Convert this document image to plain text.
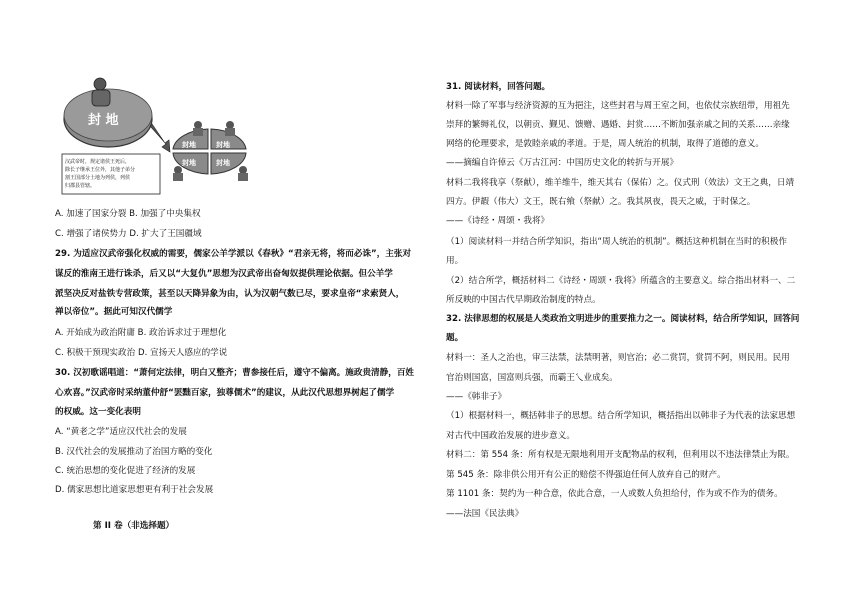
封 地
封地	封地
封地	封地
汉武帝时，规定诸侯王死后，
除长子继承王位外，其他子弟分
割王国部分土地为列侯，列侯
归郡县管辖。
A. 加速了国家分裂 B. 加强了中央集权
C. 增强了诸侯势力 D. 扩大了王国疆域
29. 为适应汉武帝强化权威的需要，儒家公羊学派以《春秋》“君亲无将，将而必诛”，主张对
谋反的淮南王进行诛杀，后又以“大复仇”思想为汉武帝出奋匈奴提供理论依据。但公羊学
派坚决反对盐铁专营政策，甚至以天降异象为由，认为汉朝气数已尽，要求皇帝“求索贤人，
禅以帝位”。据此可知汉代儒学
A. 开始成为政治附庸 B. 政治诉求过于理想化
C. 积极干预现实政治 D. 宣扬天人感应的学说
30. 汉初歌谣唱道：“萧何定法律，明白又整齐；曹参接任后，遵守不偏离。施政贵清静，百姓
心欢喜。”汉武帝时采纳董仲舒“罢黜百家，独尊儒术”的建议，从此汉代思想界树起了儒学
的权威。这一变化表明
A. “黄老之学”适应汉代社会的发展
B. 汉代社会的发展推动了治国方略的变化
C. 统治思想的变化促进了经济的发展
D. 儒家思想比道家思想更有利于社会发展
第 II 卷（非选择题）
31. 阅读材料，回答问题。
材料一除了军事与经济资源的互为挹注，这些封君与周王室之间，也依仗宗族纽带，用祖先
崇拜的繁缛礼仪，以朝贡、觐见、馈赠、遇婚、封赏……不断加强亲戚之间的关系……亲缘
网络的伦理要求，是敦睦亲戚的孝道。于是，周人统治的机制，取得了道德的意义。
——摘编自许倬云《万古江河：中国历史文化的转折与开展》
材料二我将我享（祭献），维羊维牛，维天其右（保佑）之。仪式刑（效法）文王之典，日靖
四方。伊嘏（伟大）文王，既右飨（祭献）之。我其夙夜，畏天之威，于时保之。
——《诗经・周颂・我将》
（1）阅读材料一并结合所学知识，指出“周人统治的机制”。概括这种机制在当时的积极作
用。
（2）结合所学，概括材料二《诗经・周颂・我将》所蕴含的主要意义。综合指出材料一、二
所反映的中国古代早期政治制度的特点。
32. 法律思想的权展是人类政治文明进步的重要推力之一。阅读材料，结合所学知识，回答问
题。
材料一：圣人之治也，审三法禁，法禁明著，则官治；必二赏罚，赏罚不阿，则民用。民用
官治则国富，国富则兵强，而霸王乀业成矣。
——《韩非子》
（1）根据材料一，概括韩非子的思想。结合所学知识，概括指出以韩非子为代表的法家思想
对古代中国政治发展的进步意义。
材料二：第 554 条：所有权是无限地利用开支配物品的权利，但利用以不违法律禁止为限。
第 545 条：除非供公用开有公正的赔偿不得强迫任何人放弃自己的财产。
第 1101 条：契约为一种合意，依此合意，一人或数人负担给付，作为或不作为的债务。
——法国《民法典》
